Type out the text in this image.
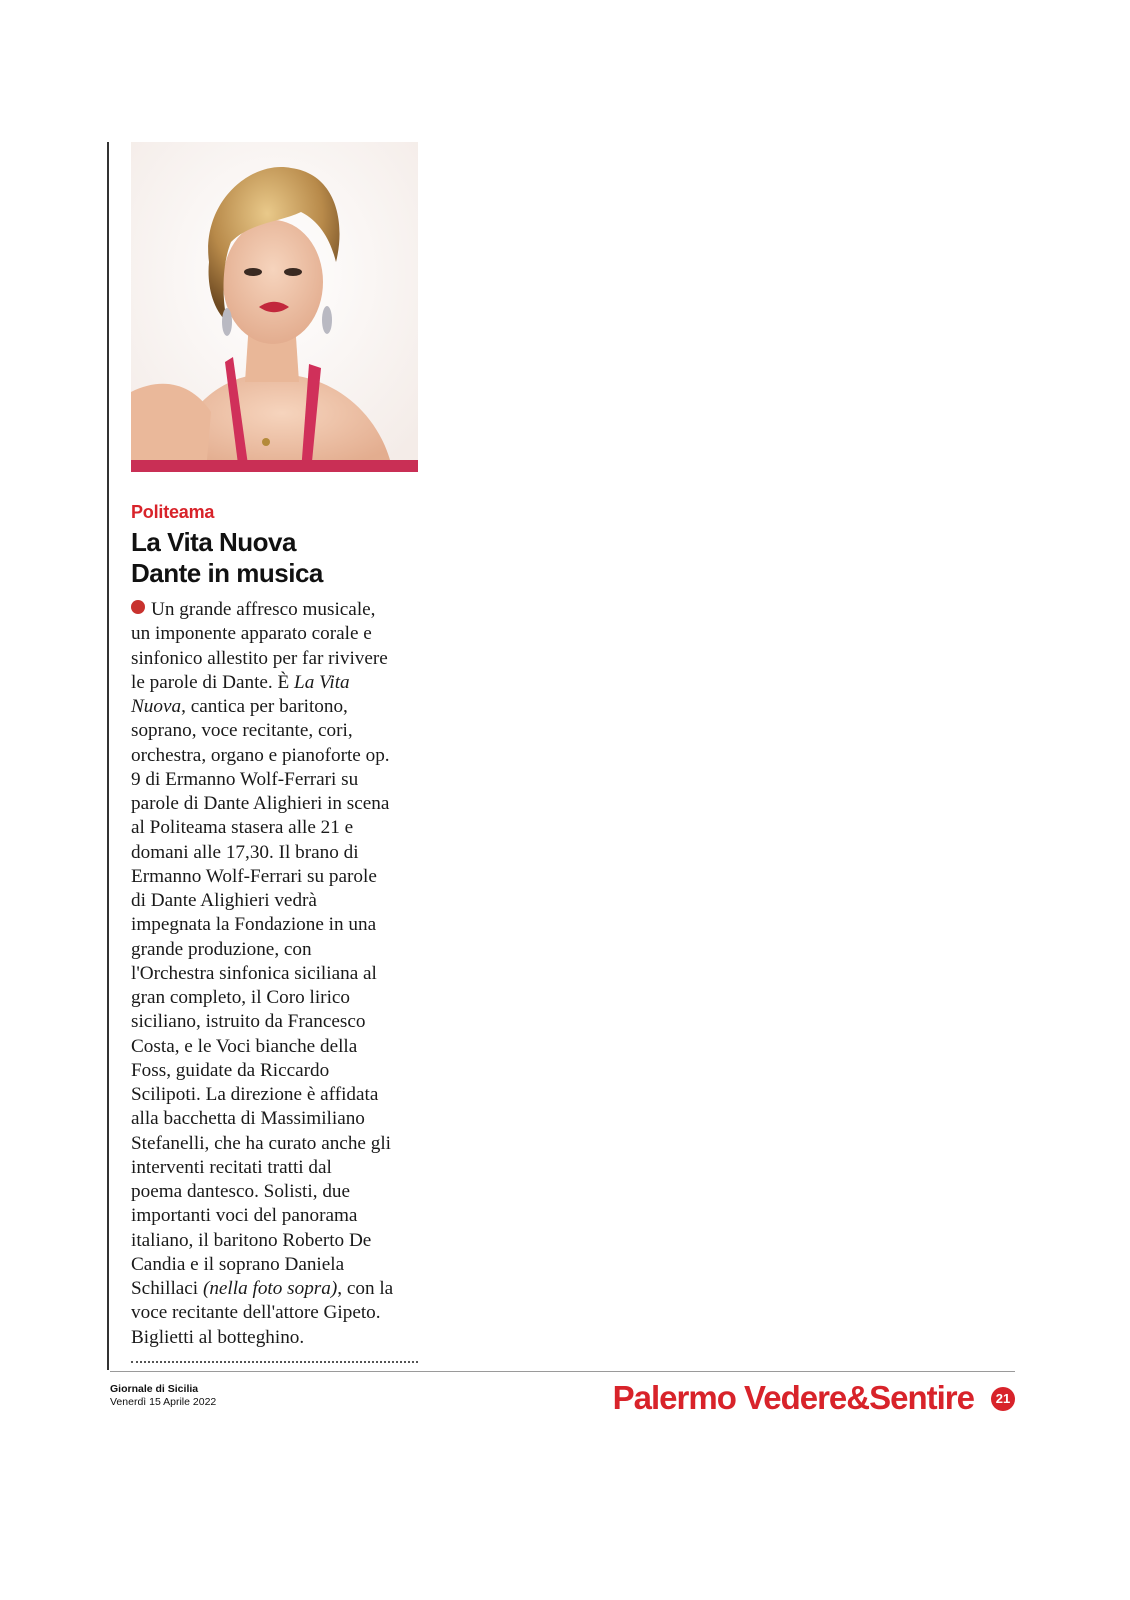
Politeama
La Vita Nuova
Dante in musica
Un grande affresco musicale,
un imponente apparato corale e
sinfonico allestito per far rivivere
le parole di Dante. È La Vita
Nuova, cantica per baritono,
soprano, voce recitante, cori,
orchestra, organo e pianoforte op.
9 di Ermanno Wolf-Ferrari su
parole di Dante Alighieri in scena
al Politeama stasera alle 21 e
domani alle 17,30. Il brano di
Ermanno Wolf-Ferrari su parole
di Dante Alighieri vedrà
impegnata la Fondazione in una
grande produzione, con
l'Orchestra sinfonica siciliana al
gran completo, il Coro lirico
siciliano, istruito da Francesco
Costa, e le Voci bianche della
Foss, guidate da Riccardo
Scilipoti. La direzione è affidata
alla bacchetta di Massimiliano
Stefanelli, che ha curato anche gli
interventi recitati tratti dal
poema dantesco. Solisti, due
importanti voci del panorama
italiano, il baritono Roberto De
Candia e il soprano Daniela
Schillaci (nella foto sopra), con la
voce recitante dell'attore Gipeto.
Biglietti al botteghino.
Giornale di Sicilia
Venerdì 15 Aprile 2022	Palermo Vedere&Sentire	21
